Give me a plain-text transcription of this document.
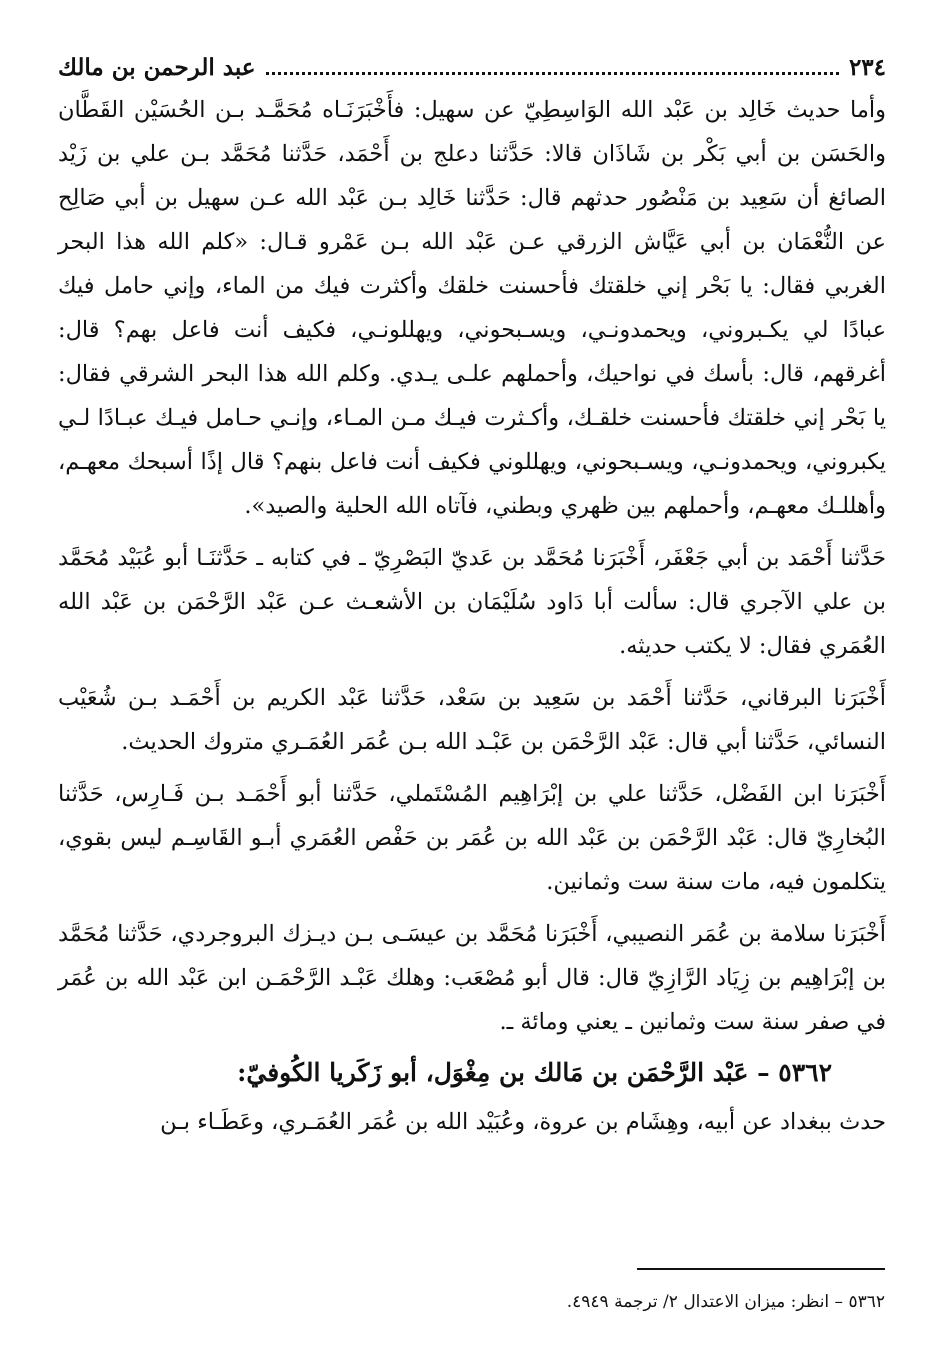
٢٣٤
عبد الرحمن بن مالك

وأما حديث خَالِد بن عَبْد الله الوَاسِطِيّ عن سهيل: فأَخْبَرَنَـاه مُحَمَّـد بـن الحُسَيْن القَطَّان والحَسَن بن أبي بَكْر بن شَاذَان قالا: حَدَّثنا دعلج بن أَحْمَد، حَدَّثنا مُحَمَّد بـن علي بن زَيْد الصائغ أن سَعِيد بن مَنْصُور حدثهم قال: حَدَّثنا خَالِد بـن عَبْد الله عـن سهيل بن أبي صَالِح عن النُّعْمَان بن أبي عَيَّاش الزرقي عـن عَبْد الله بـن عَمْرو قـال: «كلم الله هذا البحر الغربي فقال: يا بَحْر إني خلقتك فأحسنت خلقك وأكثرت فيك من الماء، وإني حامل فيك عبادًا لي يكـبروني، ويحمدونـي، ويسـبحوني، ويهللونـي، فكيف أنت فاعل بهم؟ قال: أغرقهم، قال: بأسك في نواحيك، وأحملهم علـى يـدي. وكلم الله هذا البحر الشرقي فقال: يا بَحْر إني خلقتك فأحسنت خلقـك، وأكـثرت فيـك مـن المـاء، وإنـي حـامل فيـك عبـادًا لـي يكبروني، ويحمدونـي، ويسـبحوني، ويهللوني فكيف أنت فاعل بنهم؟ قال إذًا أسبحك معهـم، وأهللـك معهـم، وأحملهم بين ظهري وبطني، فآتاه الله الحلية والصيد».

حَدَّثنا أَحْمَد بن أبي جَعْفَر، أَخْبَرَنا مُحَمَّد بن عَديّ البَصْرِيّ ـ في كتابه ـ حَدَّثنَـا أبو عُبَيْد مُحَمَّد بن علي الآجري قال: سألت أبا دَاود سُلَيْمَان بن الأشعـث عـن عَبْد الرَّحْمَن بن عَبْد الله العُمَري فقال: لا يكتب حديثه.

أَخْبَرَنا البرقاني، حَدَّثنا أَحْمَد بن سَعِيد بن سَعْد، حَدَّثنا عَبْد الكريم بن أَحْمَـد بـن شُعَيْب النسائي، حَدَّثنا أبي قال: عَبْد الرَّحْمَن بن عَبْـد الله بـن عُمَر العُمَـري متروك الحديث.

أَخْبَرَنا ابن الفَضْل، حَدَّثنا علي بن إبْرَاهِيم المُسْتَملي، حَدَّثنا أبو أَحْمَـد بـن فَـارِس، حَدَّثنا البُخارِيّ قال: عَبْد الرَّحْمَن بن عَبْد الله بن عُمَر بن حَفْص العُمَري أبـو القَاسِـم ليس بقوي، يتكلمون فيه، مات سنة ست وثمانين.

أَخْبَرَنا سلامة بن عُمَر النصيبي، أَخْبَرَنا مُحَمَّد بن عيسَـى بـن ديـزك البروجردي، حَدَّثنا مُحَمَّد بن إبْرَاهِيم بن زِيَاد الرَّازِيّ قال: قال أبو مُصْعَب: وهلك عَبْـد الرَّحْمَـن ابن عَبْد الله بن عُمَر في صفر سنة ست وثمانين ـ يعني ومائة ـ.

٥٣٦٢ – عَبْد الرَّحْمَن بن مَالك بن مِغْوَل، أبو زَكَريا الكُوفيّ:

حدث ببغداد عن أبيه، وهِشَام بن عروة، وعُبَيْد الله بن عُمَر العُمَـري، وعَطَـاء بـن

٥٣٦٢ – انظر: ميزان الاعتدال ٢/ ترجمة ٤٩٤٩.
